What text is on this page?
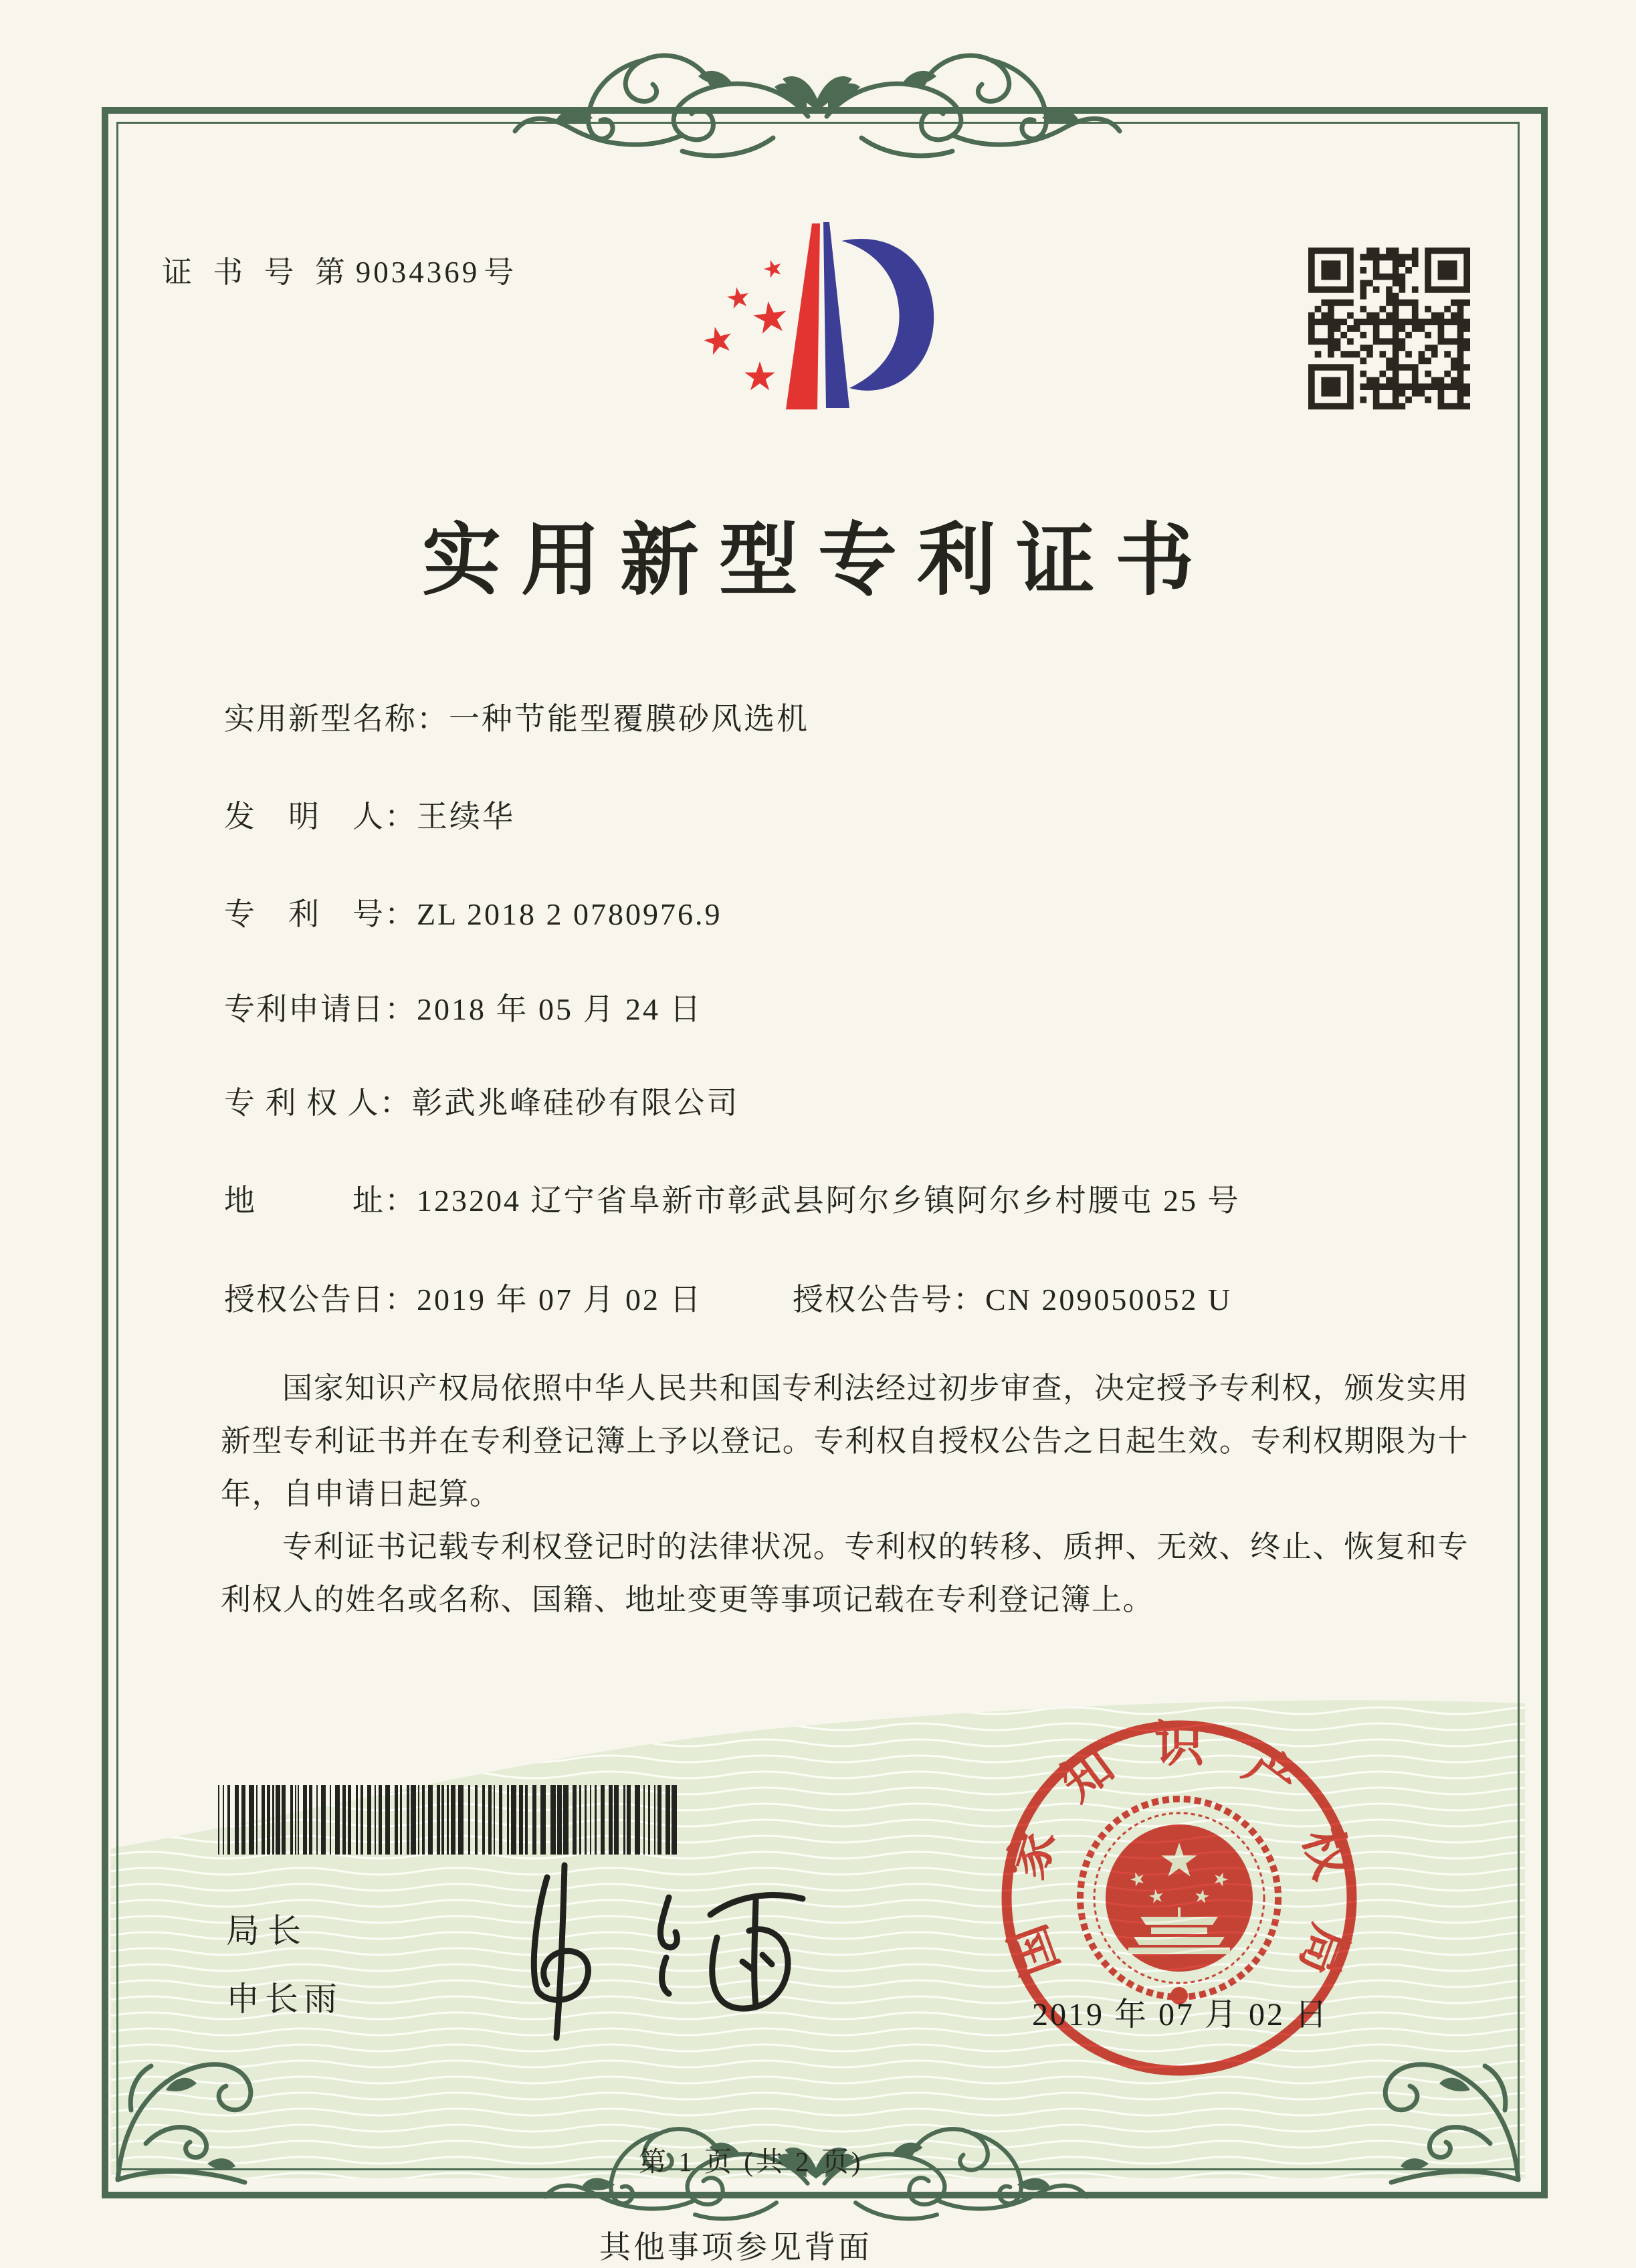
证 书 号 第 9034369 号
实用新型专利证书
实用新型名称：一种节能型覆膜砂风选机
发　明　人：王续华
专　利　号：ZL 2018 2 0780976.9
专利申请日：2018 年 05 月 24 日
专 利 权 人：彰武兆峰硅砂有限公司
地　　　址：123204 辽宁省阜新市彰武县阿尔乡镇阿尔乡村腰屯 25 号
授权公告日：2019 年 07 月 02 日	授权公告号：CN 209050052 U

国家知识产权局依照中华人民共和国专利法经过初步审查，决定授予专利权，颁发实用新型专利证书并在专利登记簿上予以登记。专利权自授权公告之日起生效。专利权期限为十年，自申请日起算。

专利证书记载专利权登记时的法律状况。专利权的转移、质押、无效、终止、恢复和专利权人的姓名或名称、国籍、地址变更等事项记载在专利登记簿上。

局长
申长雨
国家知识产权局
2019 年 07 月 02 日
第 1 页 (共 2 页)
其他事项参见背面
